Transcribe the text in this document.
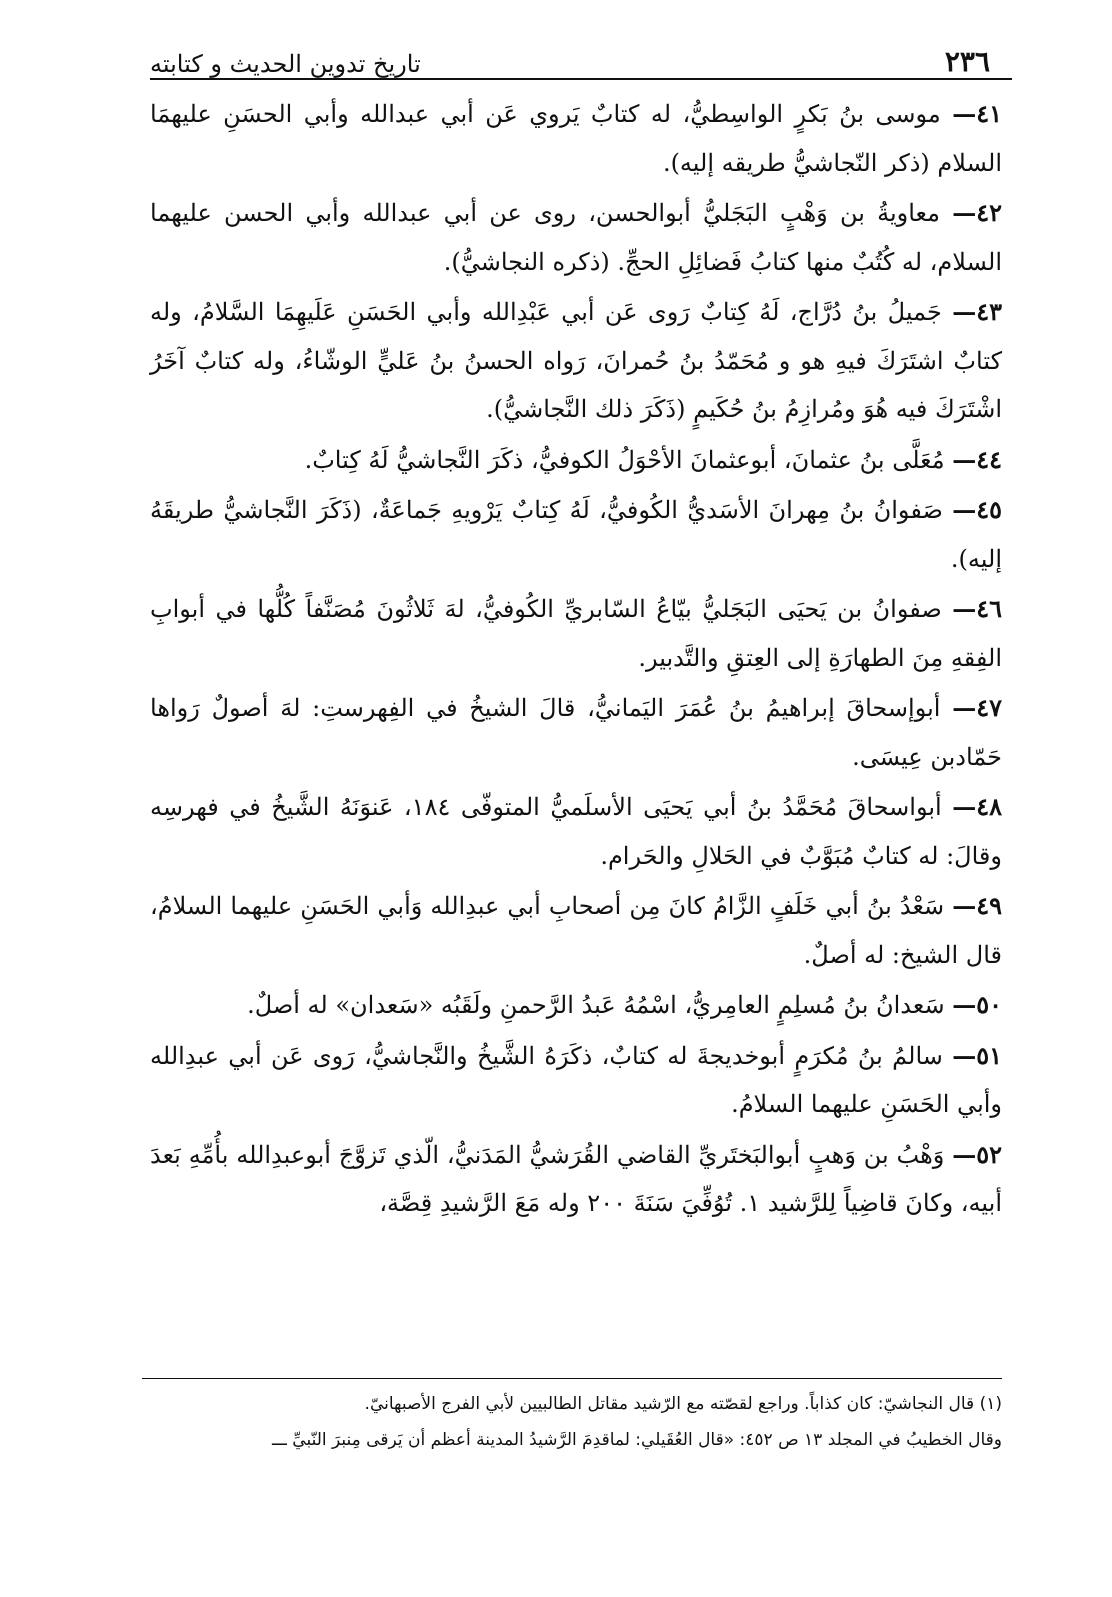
٢٣٦
تاريخ تدوين الحديث و كتابته

٤١— موسى بنُ بَكرٍ الواسِطيُّ، له كتابٌ يَروي عَن أبي عبدالله وأبي الحسَنِ عليهمَا السلام (ذكر النّجاشيُّ طريقه إليه).

٤٢— معاويةُ بن وَهْبٍ البَجَليُّ أبوالحسن، روى عن أبي عبدالله وأبي الحسن عليهما السلام، له كُتُبٌ منها كتابُ فَضائِلِ الحجِّ. (ذكره النجاشيُّ).

٤٣— جَميلُ بنُ دُرَّاج، لَهُ كِتابٌ رَوى عَن أبي عَبْدِالله وأبي الحَسَنِ عَلَيهِمَا السَّلامُ، وله كتابٌ اشتَرَكَ فيهِ هو و مُحَمّدُ بنُ حُمرانَ، رَواه الحسنُ بنُ عَليٍّ الوشّاءُ، وله كتابٌ آخَرُ اشْتَرَكَ فيه هُوَ ومُرازِمُ بنُ حُكَيمٍ (ذَكَرَ ذلك النَّجاشيُّ).

٤٤— مُعَلَّى بنُ عثمانَ، أبوعثمانَ الأحْوَلُ الكوفيُّ، ذكَرَ النَّجاشيُّ لَهُ كِتابٌ.

٤٥— صَفوانُ بنُ مِهرانَ الأسَديُّ الكُوفيُّ، لَهُ كِتابٌ يَرْويهِ جَماعَةٌ، (ذَكَرَ النَّجاشيُّ طريقَهُ إليه).

٤٦— صفوانُ بن يَحيَى البَجَليُّ بيّاعُ السّابريِّ الكُوفيُّ، لهَ ثَلاثُونَ مُصَنَّفاً كُلُّها في أبوابِ الفِقهِ مِنَ الطهارَةِ إلى العِتقِ والتَّدبير.

٤٧— أبوإسحاقَ إبراهيمُ بنُ عُمَرَ اليَمانيُّ، قالَ الشيخُ في الفِهرستِ: لهَ أصولٌ رَواها حَمّادبن عِيسَى.

٤٨— أبواسحاقَ مُحَمَّدُ بنُ أبي يَحيَى الأسلَميُّ المتوفّى ١٨٤، عَنوَنَهُ الشَّيخُ في فهرسِه وقالَ: له كتابٌ مُبَوَّبٌ في الحَلالِ والحَرام.

٤٩— سَعْدُ بنُ أبي خَلَفٍ الزَّامُ كانَ مِن أصحابِ أبي عبدِالله وَأبي الحَسَنِ عليهما السلامُ، قال الشيخ: له أصلٌ.

٥٠— سَعدانُ بنُ مُسلِمٍ العامِريُّ، اسْمُهُ عَبدُ الرَّحمنِ ولَقَبُه «سَعدان» له أصلٌ.

٥١— سالمُ بنُ مُكرَمٍ أبوخديجةَ له كتابٌ، ذكَرَهُ الشَّيخُ والنَّجاشيُّ، رَوى عَن أبي عبدِالله وأبي الحَسَنِ عليهما السلامُ.

٥٢— وَهْبُ بن وَهبٍ أبوالبَختَريِّ القاضي القُرَشيُّ المَدَنيُّ، الّذي تَزوَّجَ أبوعبدِالله بأُمِّهِ بَعدَ أبيه، وكانَ قاضِياً لِلرَّشيد ١. تُوُفِّيَ سَنَةَ ٢٠٠ وله مَعَ الرَّشيدِ قِصَّة،

(١) قال النجاشيّ: كان كذاباً. وراجع لقصّته مع الرّشيد مقاتل الطالبيين لأبي الفرج الأصبهانيّ.

وقال الخطيبُ في المجلد ١٣ ص ٤٥٢: «قال العُقَيلي: لماقدِمَ الرَّشيدُ المدينة أعظم أن يَرقى مِنبرَ النّبيِّ ـــ
